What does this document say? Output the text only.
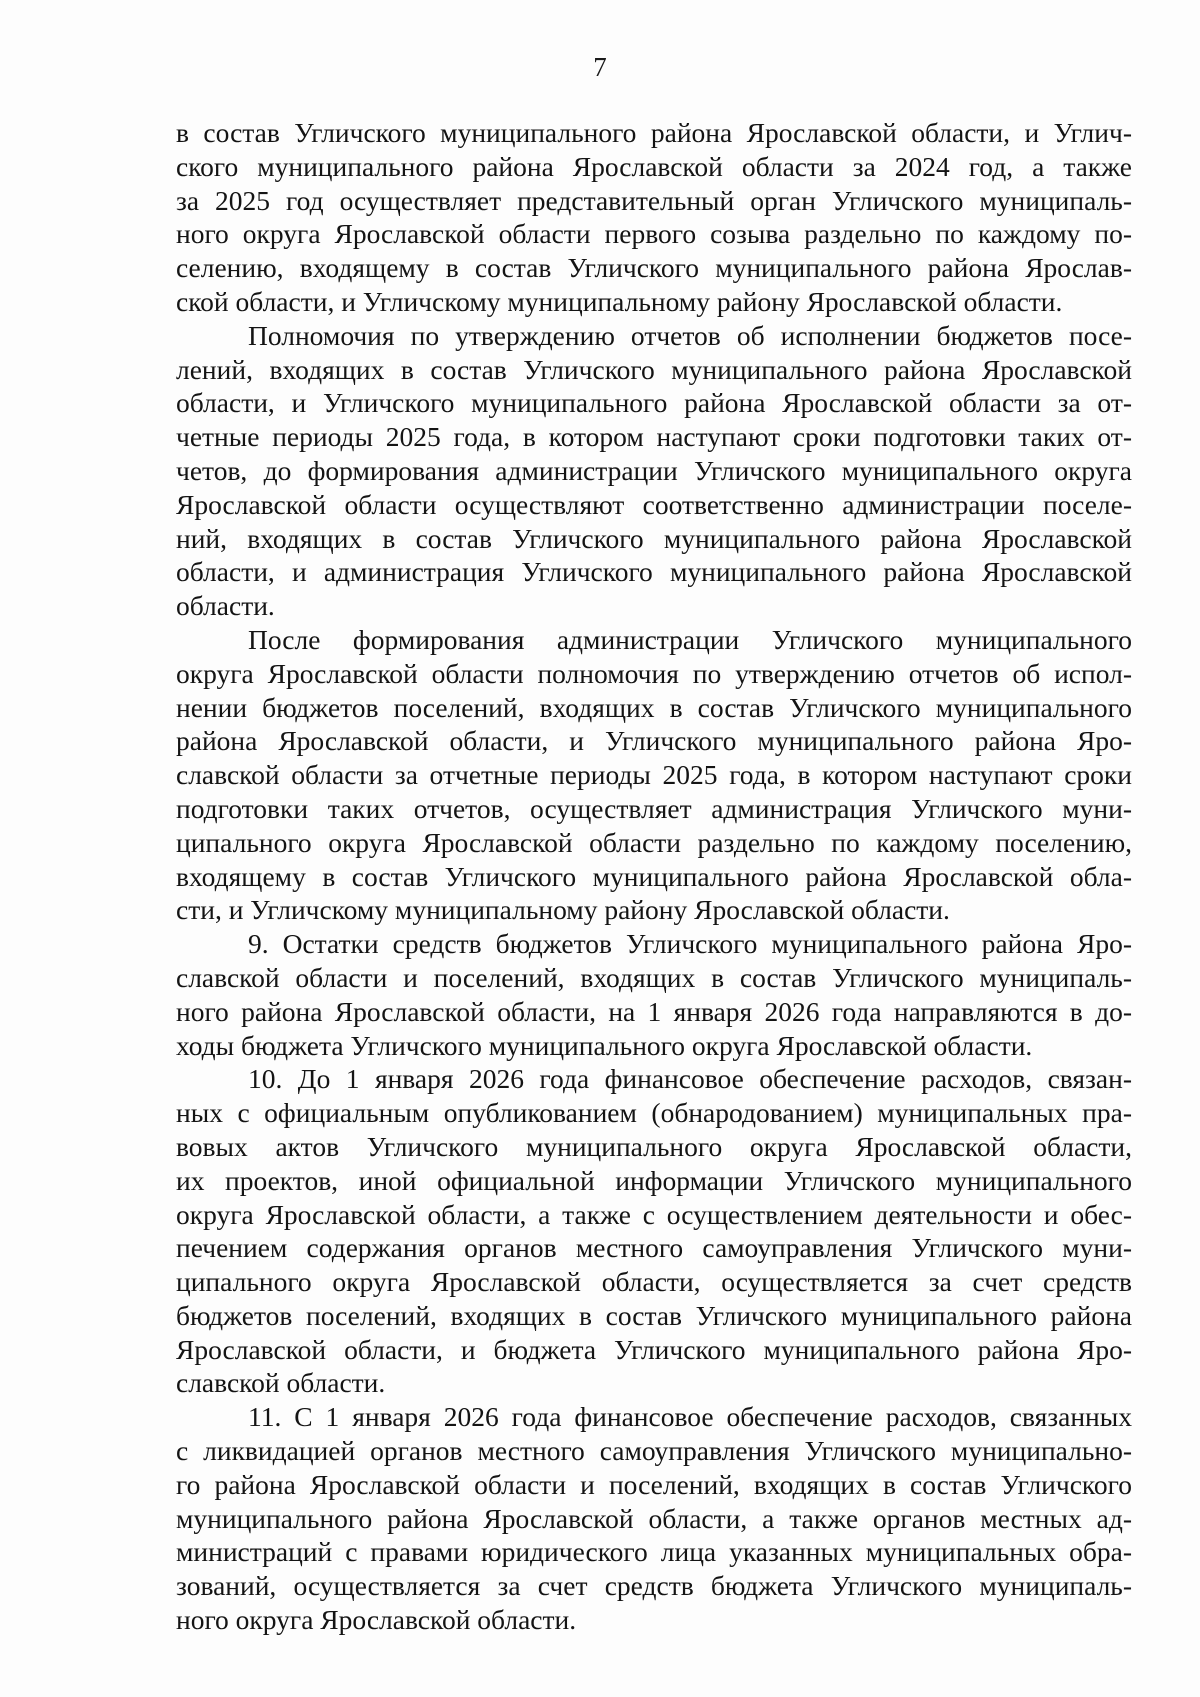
7
в состав Угличского муниципального района Ярославской области, и Углич-
ского муниципального района Ярославской области за 2024 год, а также
за 2025 год осуществляет представительный орган Угличского муниципаль-
ного округа Ярославской области первого созыва раздельно по каждому по-
селению, входящему в состав Угличского муниципального района Ярослав-
ской области, и Угличскому муниципальному району Ярославской области.
Полномочия по утверждению отчетов об исполнении бюджетов посе-
лений, входящих в состав Угличского муниципального района Ярославской
области, и Угличского муниципального района Ярославской области за от-
четные периоды 2025 года, в котором наступают сроки подготовки таких от-
четов, до формирования администрации Угличского муниципального округа
Ярославской области осуществляют соответственно администрации поселе-
ний, входящих в состав Угличского муниципального района Ярославской
области, и администрация Угличского муниципального района Ярославской
области.
После формирования администрации Угличского муниципального
округа Ярославской области полномочия по утверждению отчетов об испол-
нении бюджетов поселений, входящих в состав Угличского муниципального
района Ярославской области, и Угличского муниципального района Яро-
славской области за отчетные периоды 2025 года, в котором наступают сроки
подготовки таких отчетов, осуществляет администрация Угличского муни-
ципального округа Ярославской области раздельно по каждому поселению,
входящему в состав Угличского муниципального района Ярославской обла-
сти, и Угличскому муниципальному району Ярославской области.
9. Остатки средств бюджетов Угличского муниципального района Яро-
славской области и поселений, входящих в состав Угличского муниципаль-
ного района Ярославской области, на 1 января 2026 года направляются в до-
ходы бюджета Угличского муниципального округа Ярославской области.
10. До 1 января 2026 года финансовое обеспечение расходов, связан-
ных с официальным опубликованием (обнародованием) муниципальных пра-
вовых актов Угличского муниципального округа Ярославской области,
их проектов, иной официальной информации Угличского муниципального
округа Ярославской области, а также с осуществлением деятельности и обес-
печением содержания органов местного самоуправления Угличского муни-
ципального округа Ярославской области, осуществляется за счет средств
бюджетов поселений, входящих в состав Угличского муниципального района
Ярославской области, и бюджета Угличского муниципального района Яро-
славской области.
11. С 1 января 2026 года финансовое обеспечение расходов, связанных
с ликвидацией органов местного самоуправления Угличского муниципально-
го района Ярославской области и поселений, входящих в состав Угличского
муниципального района Ярославской области, а также органов местных ад-
министраций с правами юридического лица указанных муниципальных обра-
зований, осуществляется за счет средств бюджета Угличского муниципаль-
ного округа Ярославской области.
